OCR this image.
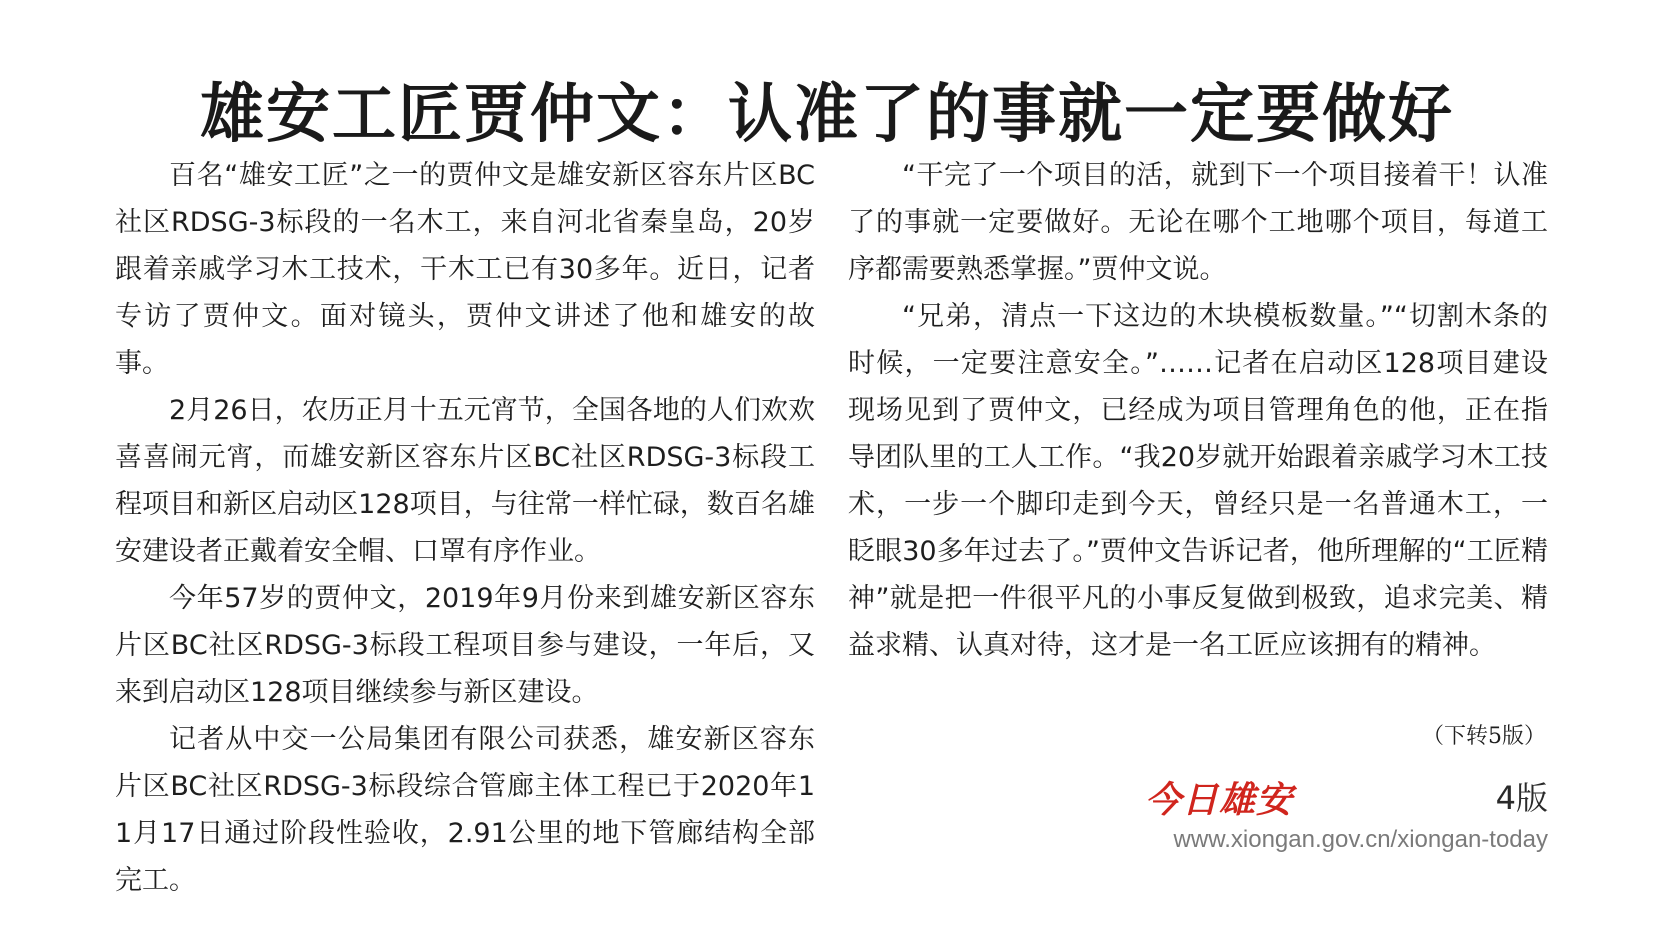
雄安工匠贾仲文：认准了的事就一定要做好

百名“雄安工匠”之一的贾仲文是雄安新区容东片区BC社区RDSG-3标段的一名木工，来自河北省秦皇岛，20岁跟着亲戚学习木工技术，干木工已有30多年。近日，记者专访了贾仲文。面对镜头，贾仲文讲述了他和雄安的故事。

2月26日，农历正月十五元宵节，全国各地的人们欢欢喜喜闹元宵，而雄安新区容东片区BC社区RDSG-3标段工程项目和新区启动区128项目，与往常一样忙碌，数百名雄安建设者正戴着安全帽、口罩有序作业。

今年57岁的贾仲文，2019年9月份来到雄安新区容东片区BC社区RDSG-3标段工程项目参与建设，一年后，又来到启动区128项目继续参与新区建设。

记者从中交一公局集团有限公司获悉，雄安新区容东片区BC社区RDSG-3标段综合管廊主体工程已于2020年11月17日通过阶段性验收，2.91公里的地下管廊结构全部完工。

“干完了一个项目的活，就到下一个项目接着干！认准了的事就一定要做好。无论在哪个工地哪个项目，每道工序都需要熟悉掌握。”贾仲文说。

“兄弟，清点一下这边的木块模板数量。”“切割木条的时候，一定要注意安全。”……记者在启动区128项目建设现场见到了贾仲文，已经成为项目管理角色的他，正在指导团队里的工人工作。“我20岁就开始跟着亲戚学习木工技术，一步一个脚印走到今天，曾经只是一名普通木工，一眨眼30多年过去了。”贾仲文告诉记者，他所理解的“工匠精神”就是把一件很平凡的小事反复做到极致，追求完美、精益求精、认真对待，这才是一名工匠应该拥有的精神。

（下转5版）
今日雄安	4版
www.xiongan.gov.cn/xiongan-today
